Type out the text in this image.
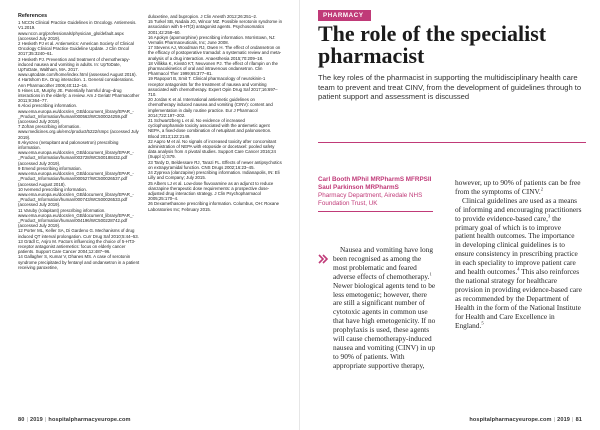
References

1 NCCN Clinical Practice Guidelines in Oncology. Antiemesis. V1.2019. www.nccn.org/professionals/physician_gls/default.aspx (accessed July 2019).

2 Hesketh PJ et al. Antiemetics: American Society of Clinical Oncology Clinical Practice Guideline Update. J Clin Oncol 2017;35:3240–61.

3 Hesketh PJ. Prevention and treatment of chemotherapy-induced nausea and vomiting in adults. In: UpToDate, UpToDate, Waltham, MA. 2017. www.uptodate.com/home/index.html (assessed August 2016).

4 Hartshorn EA. Drug interaction. 1. General considerations. Ann Pharmacother 2006;40:112–16.

5 Hines LE, Murphy JE. Potentially harmful drug–drug interactions in the elderly: a review. Am J Geriatr Pharmacother 2011;9:364–77.

6 Aloxi prescribing information. www.ema.europa.eu/docs/en_GB/document_library/EPAR_-_Product_Information/human/000563/WC500024259.pdf (accessed July 2019).

7 Zofran prescribing information. www.medicines.org.uk/emc/product/5222/smpc (accessed July 2019).

8 Akynzeo (netupitant and palonosetron) prescribing information. www.ema.europa.eu/docs/en_GB/document_library/EPAR_-_Product_Information/human/003728/WC500188432.pdf (accessed July 2019).

9 Emend prescribing information. www.ema.europa.eu/docs/en_GB/document_library/EPAR_-_Product_Information/human/000527/WC500026537.pdf (accessed August 2018).

10 Ivemend prescribing information. www.ema.europa.eu/docs/en_GB/document_library/EPAR_-_Product_Information/human/000743/WC500026533.pdf (accessed July 2019).

11 Varuby (rolapitant) prescribing information. www.ema.europa.eu/docs/en_GB/document_library/EPAR_-_Product_Information/human/004196/WC500228742.pdf (accessed July 2019).

12 Porter ML, Keller SA, Di Gardeno G. Mechanisms of drug induced QT interval prolongation. Curr Drug Saf 2010;5:44–53.

13 Grädl C, Asjro M. Factors influencing the choice of 5-HT3-receptor antagonist antiemetics: focus on elderly cancer patients. Support Care Cancer 2004;12:487–96.

14 Gallagher S, Kumar V, Dhanes MS. A case of serotonin syndrome precipitated by fentanyl and ondansetron in a patient receiving paroxetine,

duloxetine, and bupropion. J Clin Anesth 2012;26:251–2.

15 Turkel SB, Nadala JG, Wincor MZ. Possible serotonin syndrome in association with 5-HT(3) antagonist agents. Psychosomatics 2001;42:258–60.

16 Apokyn (apomorphine) prescribing information. Morristown, NJ: Vernalis Pharmaceuticals, Inc; June 2008.

17 Stevens AJ, Woodman RJ, Owen H. The effect of ondansetron on the efficacy of postoperative tramadol: a systematic review and meta-analysis of a drug interaction. Anaesthesia 2015;70:209–18.

18 Villikka K, Kivistö KT, Neuvonen PJ. The effect of rifampin on the pharmacokinetics of oral and intravenous ondansetron. Clin Pharmacol Ther 1999;65:377–81.

19 Rapoport B, Smit T. Clinical pharmacology of neurokinin-1 receptor antagonists for the treatment of nausea and vomiting associated with chemotherapy. Expert Opin Drug Saf 2017;16:697–710.

20 Jordan K et al. International antiemetic guidelines on chemotherapy induced nausea and vomiting (CINV): content and implementation in daily routine practice. Eur J Pharmacol 2014;722:197–202.

21 Schwartzberg L et al. No evidence of increased cyclophosphamide toxicity associated with the antiemetic agent NEPA, a fixed-dose combination of netupitant and palonosetron. Blood 2013;122:2149.

22 Aapro M et al. No signals of increased toxicity after concomitant administration of NEPA with etoposide or docetaxel: pooled safety data analysis from 4 pivotal studies. Support Care Cancer 2016;24 (Suppl 1):S79.

23 Tardy D, Beldessare RJ, Tarazi FL. Effects of newer antipsychotics on extrapyramidal function. CNS Drugs 2002;16:23–45.

24 Zyprexa (olanzapine) prescribing information. Indianapolis, IN: Eli Lilly and Company; July 2015.

25 Albers LJ et al. Low-dose fluvoxamine as an adjunct to reduce olanzapine therapeutic dose requirements: a prospective dose-adjusted drug interaction strategy. J Clin Psychopharmacol 2005;25:170–4.

26 Dexamethasone prescribing information. Columbus, OH: Roxane Laboratories Inc; February 2015.

80 | 2019 | hospitalpharmacyeurope.com
PHARMACY
The role of the specialist pharmacist

The key roles of the pharmacist in supporting the multidisciplinary health care team to prevent and treat CINV, from the development of guidelines through to patient support and assessment is discussed

Carl Booth MPhil MRPharmS MFRPSII

Saul Parkinson MRPharmS

Pharmacy Department, Airedale NHS Foundation Trust, UK

Nausea and vomiting have long been recognised as among the most problematic and feared adverse effects of chemotherapy.$^1$ Newer biological agents tend to be less emetogenic; however, there are still a significant number of cytotoxic agents in common use that have high emetogenicity. If no prophylaxis is used, these agents will cause chemotherapy-induced nausea and vomiting (CINV) in up to 90% of patients. With appropriate supportive therapy,

however, up to 90% of patients can be free from the symptoms of CINV.$^2$

Clinical guidelines are used as a means of informing and encouraging practitioners to provide evidence-based care,$^3$ the primary goal of which is to improve patient health outcomes. The importance in developing clinical guidelines is to ensure consistency in prescribing practice in each speciality to improve patient care and health outcomes.$^4$ This also reinforces the national strategy for healthcare provision in providing evidence-based care as recommended by the Department of Health in the form of the National Institute for Health and Care Excellence in England.$^5$

hospitalpharmacyeurope.com | 2019 | 81
